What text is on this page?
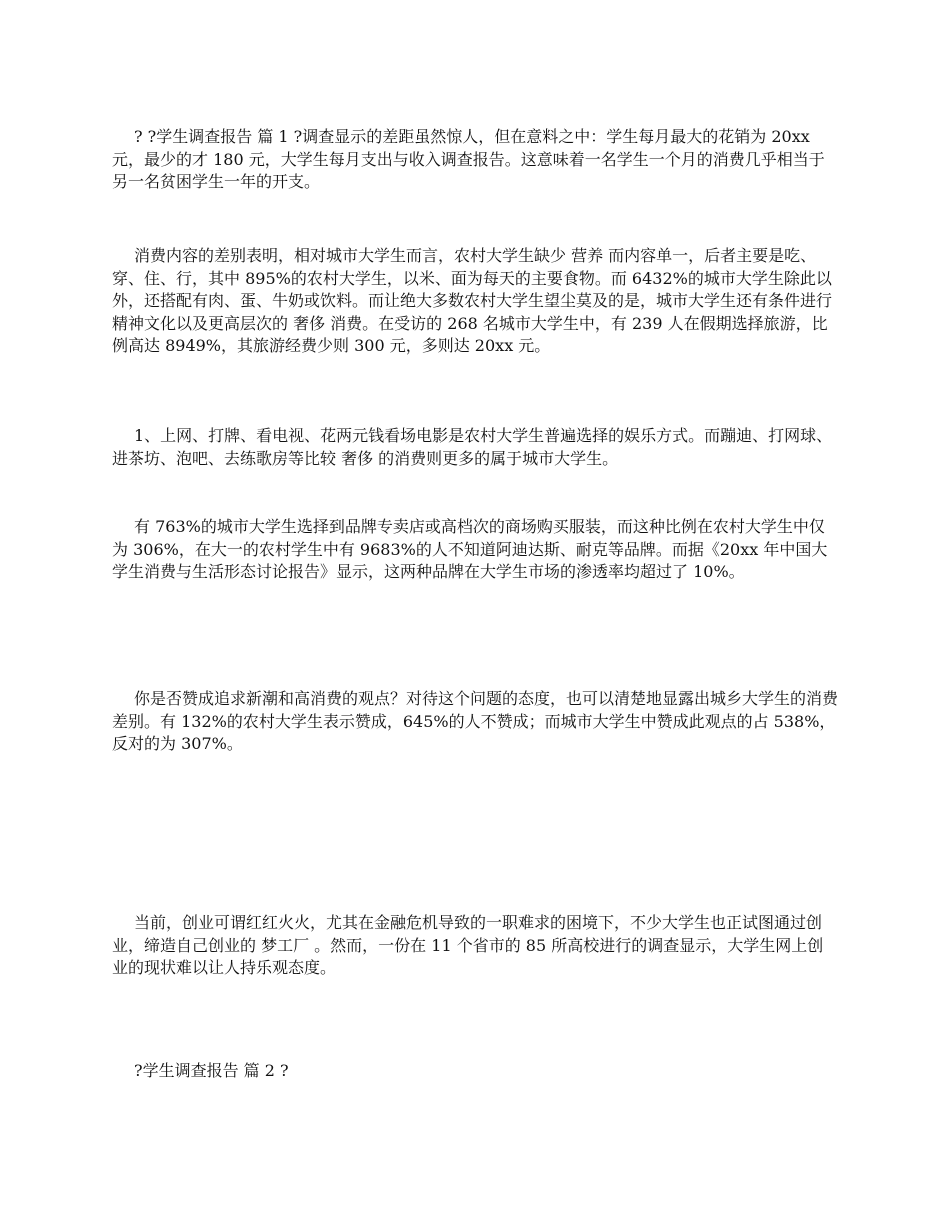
? ?学生调查报告 篇 1 ?调查显示的差距虽然惊人，但在意料之中：学生每月最大的花销为 20xx 元，最少的才 180 元，大学生每月支出与收入调查报告。这意味着一名学生一个月的消费几乎相当于另一名贫困学生一年的开支。

消费内容的差别表明，相对城市大学生而言，农村大学生缺少 营养 而内容单一，后者主要是吃、穿、住、行，其中 895%的农村大学生，以米、面为每天的主要食物。而 6432%的城市大学生除此以外，还搭配有肉、蛋、牛奶或饮料。而让绝大多数农村大学生望尘莫及的是，城市大学生还有条件进行精神文化以及更高层次的 奢侈 消费。在受访的 268 名城市大学生中，有 239 人在假期选择旅游，比例高达 8949%，其旅游经费少则 300 元，多则达 20xx 元。

1、上网、打牌、看电视、花两元钱看场电影是农村大学生普遍选择的娱乐方式。而蹦迪、打网球、进茶坊、泡吧、去练歌房等比较 奢侈 的消费则更多的属于城市大学生。

有 763%的城市大学生选择到品牌专卖店或高档次的商场购买服装，而这种比例在农村大学生中仅为 306%，在大一的农村学生中有 9683%的人不知道阿迪达斯、耐克等品牌。而据《20xx 年中国大学生消费与生活形态讨论报告》显示，这两种品牌在大学生市场的渗透率均超过了 10%。

你是否赞成追求新潮和高消费的观点？对待这个问题的态度，也可以清楚地显露出城乡大学生的消费差别。有 132%的农村大学生表示赞成，645%的人不赞成；而城市大学生中赞成此观点的占 538%，反对的为 307%。

当前，创业可谓红红火火，尤其在金融危机导致的一职难求的困境下，不少大学生也正试图通过创业，缔造自己创业的 梦工厂 。然而，一份在 11 个省市的 85 所高校进行的调查显示，大学生网上创业的现状难以让人持乐观态度。

?学生调查报告 篇 2 ?
